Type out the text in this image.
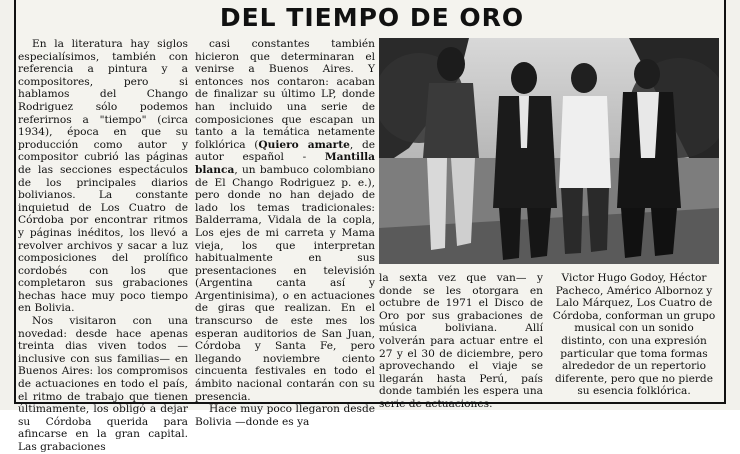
DEL TIEMPO DE ORO

En la literatura hay siglos especialísimos, también con referencia a pintura y a compositores, pero si hablamos del Chango Rodriguez sólo podemos referirnos a "tiempo" (circa 1934), época en que su producción como autor y compositor cubrió las páginas de las secciones espectáculos de los principales diarios bolivianos. La constante inquietud de Los Cuatro de Córdoba por encontrar ritmos y páginas inéditos, los llevó a revolver archivos y sacar a luz composiciones del prolífico cordobés con los que completaron sus grabaciones hechas hace muy poco tiempo en Bolivia.

Nos visitaron con una novedad: desde hace apenas treinta dias viven todos — inclusive con sus familias— en Buenos Aires: los compromisos de actuaciones en todo el país, el ritmo de trabajo que tienen últimamente, los obligó a dejar su Córdoba querida para afincarse en la gran capital. Las grabaciones

casi constantes también hicieron que determinaran el venirse a Buenos Aires. Y entonces nos contaron: acaban de finalizar su último LP, donde han incluido una serie de composiciones que escapan un tanto a la temática netamente folklórica (Quiero amarte, de autor español - Mantilla blanca, un bambuco colombiano de El Chango Rodriguez p. e.), pero donde no han dejado de lado los temas tradicionales: Balderrama, Vidala de la copla, Los ejes de mi carreta y Mama vieja, los que interpretan habitualmente en sus presentaciones en televisión (Argentina canta así y Argentinisima), o en actuaciones de giras que realizan. En el transcurso de este mes los esperan auditorios de San Juan, Córdoba y Santa Fe, pero llegando noviembre ciento cincuenta festivales en todo el ámbito nacional contarán con su presencia.

Hace muy poco llegaron desde Bolivia —donde es ya

la sexta vez que van— y donde se les otorgara en octubre de 1971 el Disco de Oro por sus grabaciones de música boliviana. Allí volverán para actuar entre el 27 y el 30 de diciembre, pero aprovechando el viaje se llegarán hasta Perú, país donde también les espera una serie de actuaciones.

Victor Hugo Godoy, Héctor Pacheco, Américo Albornoz y Lalo Márquez, Los Cuatro de Córdoba, conforman un grupo musical con un sonido distinto, con una expresión particular que toma formas alrededor de un repertorio diferente, pero que no pierde su esencia folklórica.
